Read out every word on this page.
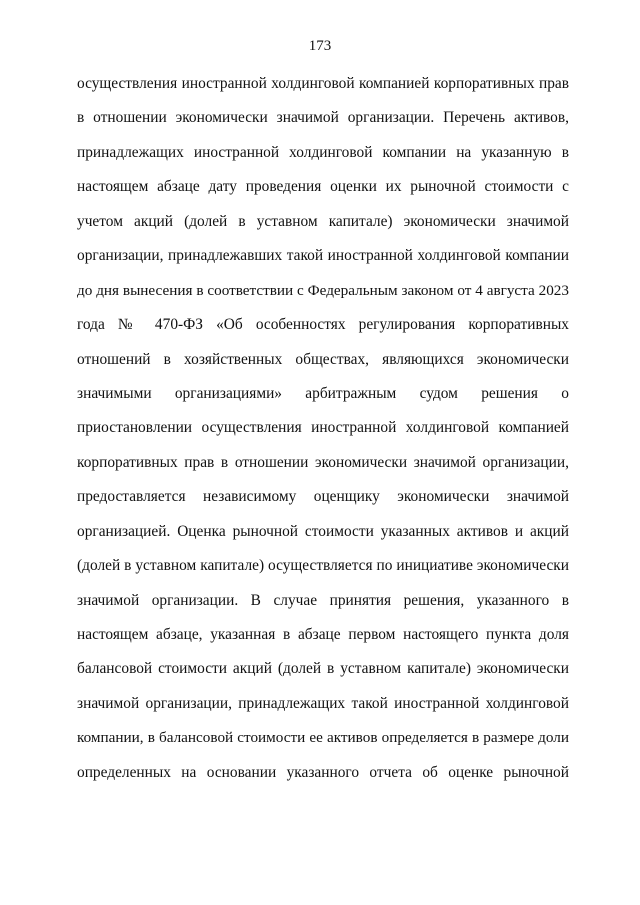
173
осуществления иностранной холдинговой компанией корпоративных прав
в отношении экономически значимой организации. Перечень активов,
принадлежащих иностранной холдинговой компании на указанную в
настоящем абзаце дату проведения оценки их рыночной стоимости с
учетом акций (долей в уставном капитале) экономически значимой
организации, принадлежавших такой иностранной холдинговой компании
до дня вынесения в соответствии с Федеральным законом от 4 августа 2023
года № 470-ФЗ «Об особенностях регулирования корпоративных
отношений в хозяйственных обществах, являющихся экономически
значимыми организациями» арбитражным судом решения о
приостановлении осуществления иностранной холдинговой компанией
корпоративных прав в отношении экономически значимой организации,
предоставляется независимому оценщику экономически значимой
организацией. Оценка рыночной стоимости указанных активов и акций
(долей в уставном капитале) осуществляется по инициативе экономически
значимой организации. В случае принятия решения, указанного в
настоящем абзаце, указанная в абзаце первом настоящего пункта доля
балансовой стоимости акций (долей в уставном капитале) экономически
значимой организации, принадлежащих такой иностранной холдинговой
компании, в балансовой стоимости ее активов определяется в размере доли
определенных на основании указанного отчета об оценке рыночной
